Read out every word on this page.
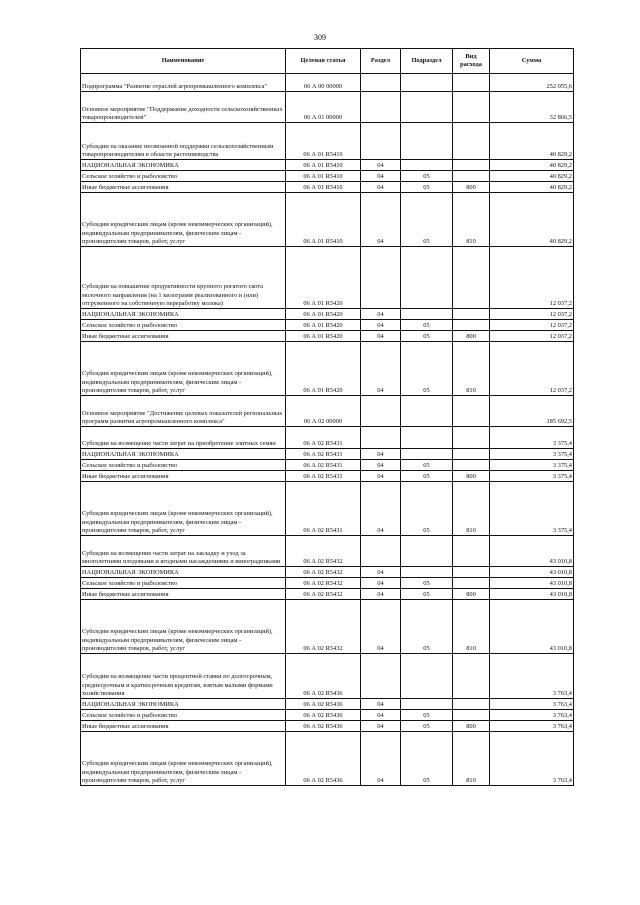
309
Наименование	Целевая статья	Раздел	Подраздел	Вид расхода	Сумма

Подпрограмма "Развитие отраслей агропромышленного комплекса"	06 А 00 00000				252 055,6

Основное мероприятие "Поддержание доходности сельскохозяйственных товаропроизводителей"	06 А 01 00000				32 866,5

Субсидии на оказание несвязанной поддержки сельскохозяйственным товаропроизводителям в области растениеводства	06 А 01 R5410				40 829,2

НАЦИОНАЛЬНАЯ ЭКОНОМИКА	06 А 01 R5410	04			40 829,2

Сельское хозяйство и рыболовство	06 А 01 R5410	04	05		40 829,2

Иные бюджетные ассигнования	06 А 01 R5410	04	05	800	40 829,2

Субсидии юридическим лицам (кроме некоммерческих организаций), индивидуальным предпринимателям, физическим лицам - производителям товаров, работ, услуг	06 А 01 R5410	04	05	810	40 829,2

Субсидии на повышение продуктивности крупного рогатого скота молочного направления (на 1 килограмм реализованного и (или) отгруженного на собственную переработку молока)	06 А 01 R5420				12 037,2

НАЦИОНАЛЬНАЯ ЭКОНОМИКА	06 А 01 R5420	04			12 037,2

Сельское хозяйство и рыболовство	06 А 01 R5420	04	05		12 037,2

Иные бюджетные ассигнования	06 А 01 R5420	04	05	800	12 037,2

Субсидии юридическим лицам (кроме некоммерческих организаций), индивидуальным предпринимателям, физическим лицам - производителям товаров, работ, услуг	06 А 01 R5420	04	05	810	12 037,2

Основное мероприятие "Достижение целевых показателей региональных программ развития агропромышленного комплекса"	06 А 02 00000				185 692,5

Субсидии на возмещение части затрат на приобретение элитных семян	06 А 02 R5431				3 375,4

НАЦИОНАЛЬНАЯ ЭКОНОМИКА	06 А 02 R5431	04			3 375,4

Сельское хозяйство и рыболовство	06 А 02 R5431	04	05		3 375,4

Иные бюджетные ассигнования	06 А 02 R5431	04	05	800	3 375,4

Субсидии юридическим лицам (кроме некоммерческих организаций), индивидуальным предпринимателям, физическим лицам - производителям товаров, работ, услуг	06 А 02 R5431	04	05	810	3 375,4

Субсидии на возмещение части затрат на закладку и уход за многолетними плодовыми и ягодными насаждениями и виноградниками	06 А 02 R5432				43 010,8

НАЦИОНАЛЬНАЯ ЭКОНОМИКА	06 А 02 R5432	04			43 010,8

Сельское хозяйство и рыболовство	06 А 02 R5432	04	05		43 010,8

Иные бюджетные ассигнования	06 А 02 R5432	04	05	800	43 010,8

Субсидии юридическим лицам (кроме некоммерческих организаций), индивидуальным предпринимателям, физическим лицам - производителям товаров, работ, услуг	06 А 02 R5432	04	05	810	43 010,8

Субсидии на возмещение части процентной ставки по долгосрочным, среднесрочным и краткосрочным кредитам, взятым малыми формами хозяйствования	06 А 02 R5436				3 763,4

НАЦИОНАЛЬНАЯ ЭКОНОМИКА	06 А 02 R5436	04			3 763,4

Сельское хозяйство и рыболовство	06 А 02 R5436	04	05		3 763,4

Иные бюджетные ассигнования	06 А 02 R5436	04	05	800	3 763,4

Субсидии юридическим лицам (кроме некоммерческих организаций), индивидуальным предпринимателям, физическим лицам - производителям товаров, работ, услуг	06 А 02 R5436	04	05	810	3 763,4
